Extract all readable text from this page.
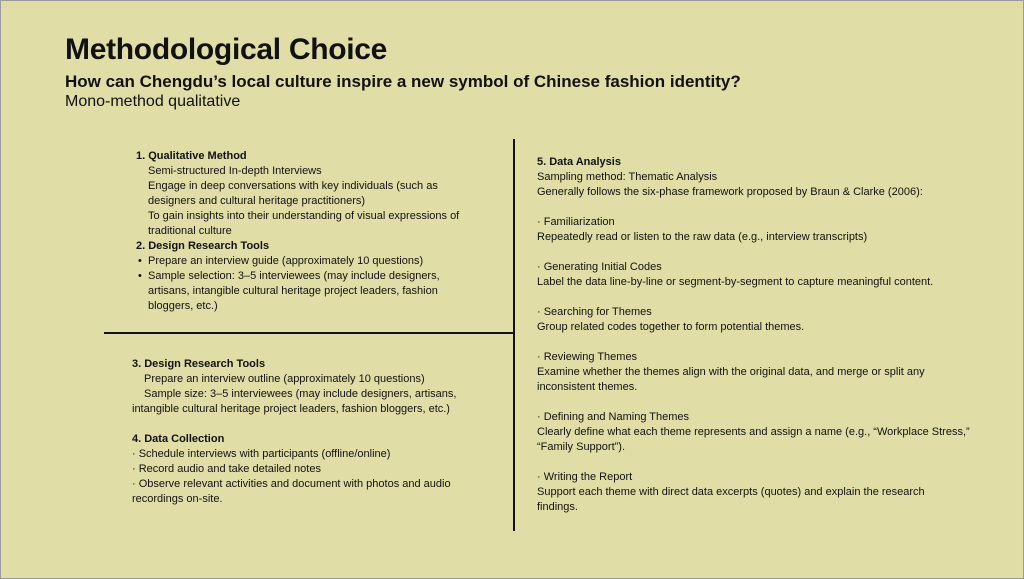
Methodological Choice
How can Chengdu’s local culture inspire a new symbol of Chinese fashion identity?
Mono-method qualitative

1. Qualitative Method

Semi-structured In-depth Interviews

Engage in deep conversations with key individuals (such as

designers and cultural heritage practitioners)

To gain insights into their understanding of visual expressions of

traditional culture

2. Design Research Tools

• Prepare an interview guide (approximately 10 questions)

• Sample selection: 3–5 interviewees (may include designers,

artisans, intangible cultural heritage project leaders, fashion

bloggers, etc.)

3. Design Research Tools

Prepare an interview outline (approximately 10 questions)

Sample size: 3–5 interviewees (may include designers, artisans,

intangible cultural heritage project leaders, fashion bloggers, etc.)

4. Data Collection

· Schedule interviews with participants (offline/online)

· Record audio and take detailed notes

· Observe relevant activities and document with photos and audio

recordings on-site.

5. Data Analysis

Sampling method: Thematic Analysis

Generally follows the six-phase framework proposed by Braun & Clarke (2006):

· Familiarization

Repeatedly read or listen to the raw data (e.g., interview transcripts)

· Generating Initial Codes

Label the data line-by-line or segment-by-segment to capture meaningful content.

· Searching for Themes

Group related codes together to form potential themes.

· Reviewing Themes

Examine whether the themes align with the original data, and merge or split any

inconsistent themes.

· Defining and Naming Themes

Clearly define what each theme represents and assign a name (e.g., “Workplace Stress,”

“Family Support”).

· Writing the Report

Support each theme with direct data excerpts (quotes) and explain the research

findings.
